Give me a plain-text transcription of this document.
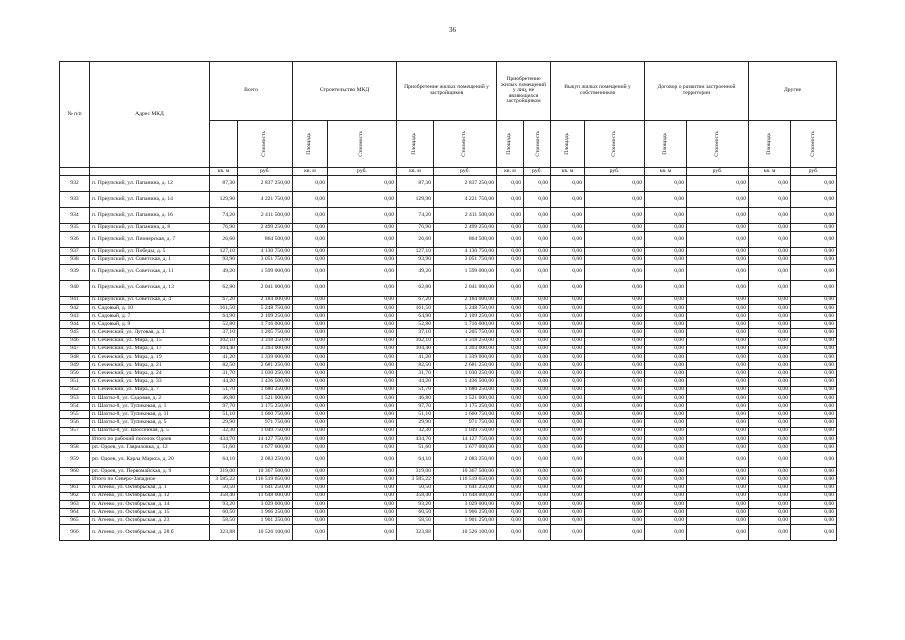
36
№ п/п	Адрес МКД	Всего		Строительство МКД		Приобретение жилых помещений у застройщиков		Приобретение жилых помещений у лиц, не являющихся застройщиком		Выкуп жилых помещений у собственников		Договор о развитии застроенной территории		Другие	
	Стоимость	Площадь	Стоимость	Площадь	Стоимость	Площадь	Стоимость	Площадь	Стоимость	Площадь	Стоимость	Площадь	Стоимость
		кв. м	руб.	кв. м	руб.	кв. м	руб.	кв. м	руб.	кв. м	руб.	кв. м	руб.	кв. м	руб.
932	п. Приупский, ул. Папанина, д. 12	87,30	2 837 250,00	0,00	0,00	87,30	2 837 250,00	0,00	0,00	0,00	0,00	0,00	0,00	0,00	0,00
933	п. Приупский, ул. Папанина, д. 14	129,90	4 221 750,00	0,00	0,00	129,90	4 221 750,00	0,00	0,00	0,00	0,00	0,00	0,00	0,00	0,00
934	п. Приупский, ул. Папанина, д. 16	74,20	2 411 500,00	0,00	0,00	74,20	2 411 500,00	0,00	0,00	0,00	0,00	0,00	0,00	0,00	0,00
935	п. Приупский, ул. Папанина, д. 8	76,90	2 499 250,00	0,00	0,00	76,90	2 499 250,00	0,00	0,00	0,00	0,00	0,00	0,00	0,00	0,00
936	п. Приупский, ул. Пионерская, д. 7	26,60	864 500,00	0,00	0,00	26,60	864 500,00	0,00	0,00	0,00	0,00	0,00	0,00	0,00	0,00
937	п. Приупский, ул. Победы, д. 5	127,10	4 130 750,00	0,00	0,00	127,10	4 130 750,00	0,00	0,00	0,00	0,00	0,00	0,00	0,00	0,00
938	п. Приупский, ул. Советская, д. 1	93,90	3 051 750,00	0,00	0,00	93,90	3 051 750,00	0,00	0,00	0,00	0,00	0,00	0,00	0,00	0,00
939	п. Приупский, ул. Советская, д. 11	49,20	1 599 000,00	0,00	0,00	49,20	1 599 000,00	0,00	0,00	0,00	0,00	0,00	0,00	0,00	0,00
940	п. Приупский, ул. Советская, д. 13	62,80	2 041 000,00	0,00	0,00	62,80	2 041 000,00	0,00	0,00	0,00	0,00	0,00	0,00	0,00	0,00
941	п. Приупский, ул. Советская, д. 4	67,20	2 184 000,00	0,00	0,00	67,20	2 184 000,00	0,00	0,00	0,00	0,00	0,00	0,00	0,00	0,00
942	п. Садовый, д. 10	161,50	5 248 750,00	0,00	0,00	161,50	5 248 750,00	0,00	0,00	0,00	0,00	0,00	0,00	0,00	0,00
943	п. Садовый, д. 7	64,90	2 109 250,00	0,00	0,00	64,90	2 109 250,00	0,00	0,00	0,00	0,00	0,00	0,00	0,00	0,00
944	п. Садовый, д. 9	52,80	1 716 000,00	0,00	0,00	52,80	1 716 000,00	0,00	0,00	0,00	0,00	0,00	0,00	0,00	0,00
945	п. Сеченский, ул. Луговая, д. 3	37,10	1 205 750,00	0,00	0,00	37,10	1 205 750,00	0,00	0,00	0,00	0,00	0,00	0,00	0,00	0,00
946	п. Сеченский, ул. Мира, д. 15	102,10	3 318 250,00	0,00	0,00	102,10	3 318 250,00	0,00	0,00	0,00	0,00	0,00	0,00	0,00	0,00
947	п. Сеченский, ул. Мира, д. 17	104,40	3 393 000,00	0,00	0,00	104,40	3 393 000,00	0,00	0,00	0,00	0,00	0,00	0,00	0,00	0,00
948	п. Сеченский, ул. Мира, д. 19	41,20	1 339 000,00	0,00	0,00	41,20	1 339 000,00	0,00	0,00	0,00	0,00	0,00	0,00	0,00	0,00
949	п. Сеченский, ул. Мира, д. 21	82,50	2 681 250,00	0,00	0,00	82,50	2 681 250,00	0,00	0,00	0,00	0,00	0,00	0,00	0,00	0,00
950	п. Сеченский, ул. Мира, д. 24	31,70	1 030 250,00	0,00	0,00	31,70	1 030 250,00	0,00	0,00	0,00	0,00	0,00	0,00	0,00	0,00
951	п. Сеченский, ул. Мира, д. 33	44,20	1 436 500,00	0,00	0,00	44,20	1 436 500,00	0,00	0,00	0,00	0,00	0,00	0,00	0,00	0,00
952	п. Сеченский, ул. Мира, д. 7	51,70	1 680 250,00	0,00	0,00	51,70	1 680 250,00	0,00	0,00	0,00	0,00	0,00	0,00	0,00	0,00
953	п. Шахты-8, ул. Садовая, д. 2	46,80	1 521 000,00	0,00	0,00	46,80	1 521 000,00	0,00	0,00	0,00	0,00	0,00	0,00	0,00	0,00
954	п. Шахты-8, ул. Тупиковая, д. 1	97,70	3 175 250,00	0,00	0,00	97,70	3 175 250,00	0,00	0,00	0,00	0,00	0,00	0,00	0,00	0,00
955	п. Шахты-8, ул. Тупиковая, д. 11	51,10	1 660 750,00	0,00	0,00	51,10	1 660 750,00	0,00	0,00	0,00	0,00	0,00	0,00	0,00	0,00
956	п. Шахты-8, ул. Тупиковая, д. 5	29,90	971 750,00	0,00	0,00	29,90	971 750,00	0,00	0,00	0,00	0,00	0,00	0,00	0,00	0,00
957	п. Шахты-8, ул. Шоссейная, д. 5	32,30	1 049 750,00	0,00	0,00	32,30	1 049 750,00	0,00	0,00	0,00	0,00	0,00	0,00	0,00	0,00
	Итого по рабочий поселок Одоев	434,70	14 127 750,00	0,00	0,00	434,70	14 127 750,00	0,00	0,00	0,00	0,00	0,00	0,00	0,00	0,00
958	рп. Одоев, ул. Гавриловка, д. 12	51,60	1 677 000,00	0,00	0,00	51,60	1 677 000,00	0,00	0,00	0,00	0,00	0,00	0,00	0,00	0,00
959	рп. Одоев, ул. Карла Маркса, д. 20	64,10	2 083 250,00	0,00	0,00	64,10	2 083 250,00	0,00	0,00	0,00	0,00	0,00	0,00	0,00	0,00
960	рп. Одоев, ул. Первомайская, д. 9	319,00	10 367 500,00	0,00	0,00	319,00	10 367 500,00	0,00	0,00	0,00	0,00	0,00	0,00	0,00	0,00
	Итого по Северо-Западное	3 585,22	116 519 650,00	0,00	0,00	3 585,22	116 519 650,00	0,00	0,00	0,00	0,00	0,00	0,00	0,00	0,00
961	п. Агеево, ул. Октябрьская, д. 1	50,50	1 641 250,00	0,00	0,00	50,50	1 641 250,00	0,00	0,00	0,00	0,00	0,00	0,00	0,00	0,00
962	п. Агеево, ул. Октябрьская, д. 12	358,40	11 648 000,00	0,00	0,00	358,40	11 648 000,00	0,00	0,00	0,00	0,00	0,00	0,00	0,00	0,00
963	п. Агеево, ул. Октябрьская, д. 14	93,20	3 029 000,00	0,00	0,00	93,20	3 029 000,00	0,00	0,00	0,00	0,00	0,00	0,00	0,00	0,00
964	п. Агеево, ул. Октябрьская, д. 15	60,50	1 966 250,00	0,00	0,00	60,50	1 966 250,00	0,00	0,00	0,00	0,00	0,00	0,00	0,00	0,00
965	п. Агеево, ул. Октябрьская, д. 23	58,50	1 901 250,00	0,00	0,00	58,50	1 901 250,00	0,00	0,00	0,00	0,00	0,00	0,00	0,00	0,00
966	п. Агеево, ул. Октябрьская, д. 28 б	323,88	10 526 100,00	0,00	0,00	323,88	10 526 100,00	0,00	0,00	0,00	0,00	0,00	0,00	0,00	0,00
